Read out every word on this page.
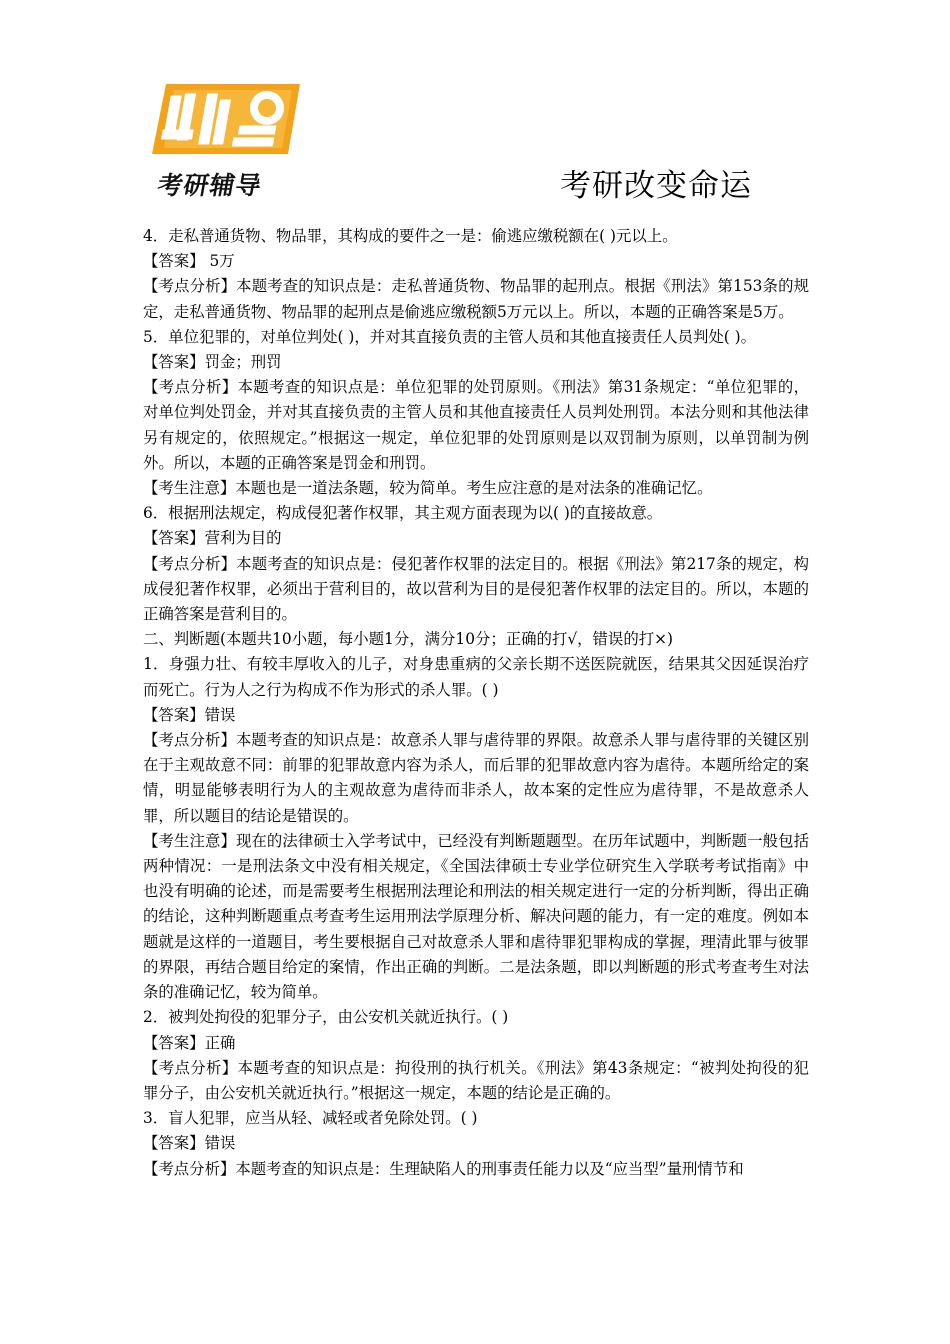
考研辅导	考研改变命运

4．走私普通货物、物品罪，其构成的要件之一是：偷逃应缴税额在( )元以上。

【答案】 5万

【考点分析】本题考查的知识点是：走私普通货物、物品罪的起刑点。根据《刑法》第153条的规定，走私普通货物、物品罪的起刑点是偷逃应缴税额5万元以上。所以，本题的正确答案是5万。

5．单位犯罪的，对单位判处( )，并对其直接负责的主管人员和其他直接责任人员判处( )。

【答案】罚金；刑罚

【考点分析】本题考查的知识点是：单位犯罪的处罚原则。《刑法》第31条规定：“单位犯罪的，对单位判处罚金，并对其直接负责的主管人员和其他直接责任人员判处刑罚。本法分则和其他法律另有规定的，依照规定。”根据这一规定，单位犯罪的处罚原则是以双罚制为原则，以单罚制为例外。所以，本题的正确答案是罚金和刑罚。

【考生注意】本题也是一道法条题，较为简单。考生应注意的是对法条的准确记忆。

6．根据刑法规定，构成侵犯著作权罪，其主观方面表现为以( )的直接故意。

【答案】营利为目的

【考点分析】本题考查的知识点是：侵犯著作权罪的法定目的。根据《刑法》第217条的规定，构成侵犯著作权罪，必须出于营利目的，故以营利为目的是侵犯著作权罪的法定目的。所以，本题的正确答案是营利目的。

二、判断题(本题共10小题，每小题1分，满分10分；正确的打√，错误的打×)

1．身强力壮、有较丰厚收入的儿子，对身患重病的父亲长期不送医院就医，结果其父因延误治疗而死亡。行为人之行为构成不作为形式的杀人罪。( )

【答案】错误

【考点分析】本题考查的知识点是：故意杀人罪与虐待罪的界限。故意杀人罪与虐待罪的关键区别在于主观故意不同：前罪的犯罪故意内容为杀人，而后罪的犯罪故意内容为虐待。本题所给定的案情，明显能够表明行为人的主观故意为虐待而非杀人，故本案的定性应为虐待罪，不是故意杀人罪，所以题目的结论是错误的。

【考生注意】现在的法律硕士入学考试中，已经没有判断题题型。在历年试题中，判断题一般包括两种情况：一是刑法条文中没有相关规定，《全国法律硕士专业学位研究生入学联考考试指南》中也没有明确的论述，而是需要考生根据刑法理论和刑法的相关规定进行一定的分析判断，得出正确的结论，这种判断题重点考查考生运用刑法学原理分析、解决问题的能力，有一定的难度。例如本题就是这样的一道题目，考生要根据自己对故意杀人罪和虐待罪犯罪构成的掌握，理清此罪与彼罪的界限，再结合题目给定的案情，作出正确的判断。二是法条题，即以判断题的形式考查考生对法条的准确记忆，较为简单。

2．被判处拘役的犯罪分子，由公安机关就近执行。( )

【答案】正确

【考点分析】本题考查的知识点是：拘役刑的执行机关。《刑法》第43条规定：“被判处拘役的犯罪分子，由公安机关就近执行。”根据这一规定，本题的结论是正确的。

3．盲人犯罪，应当从轻、减轻或者免除处罚。( )

【答案】错误

【考点分析】本题考查的知识点是：生理缺陷人的刑事责任能力以及“应当型”量刑情节和
